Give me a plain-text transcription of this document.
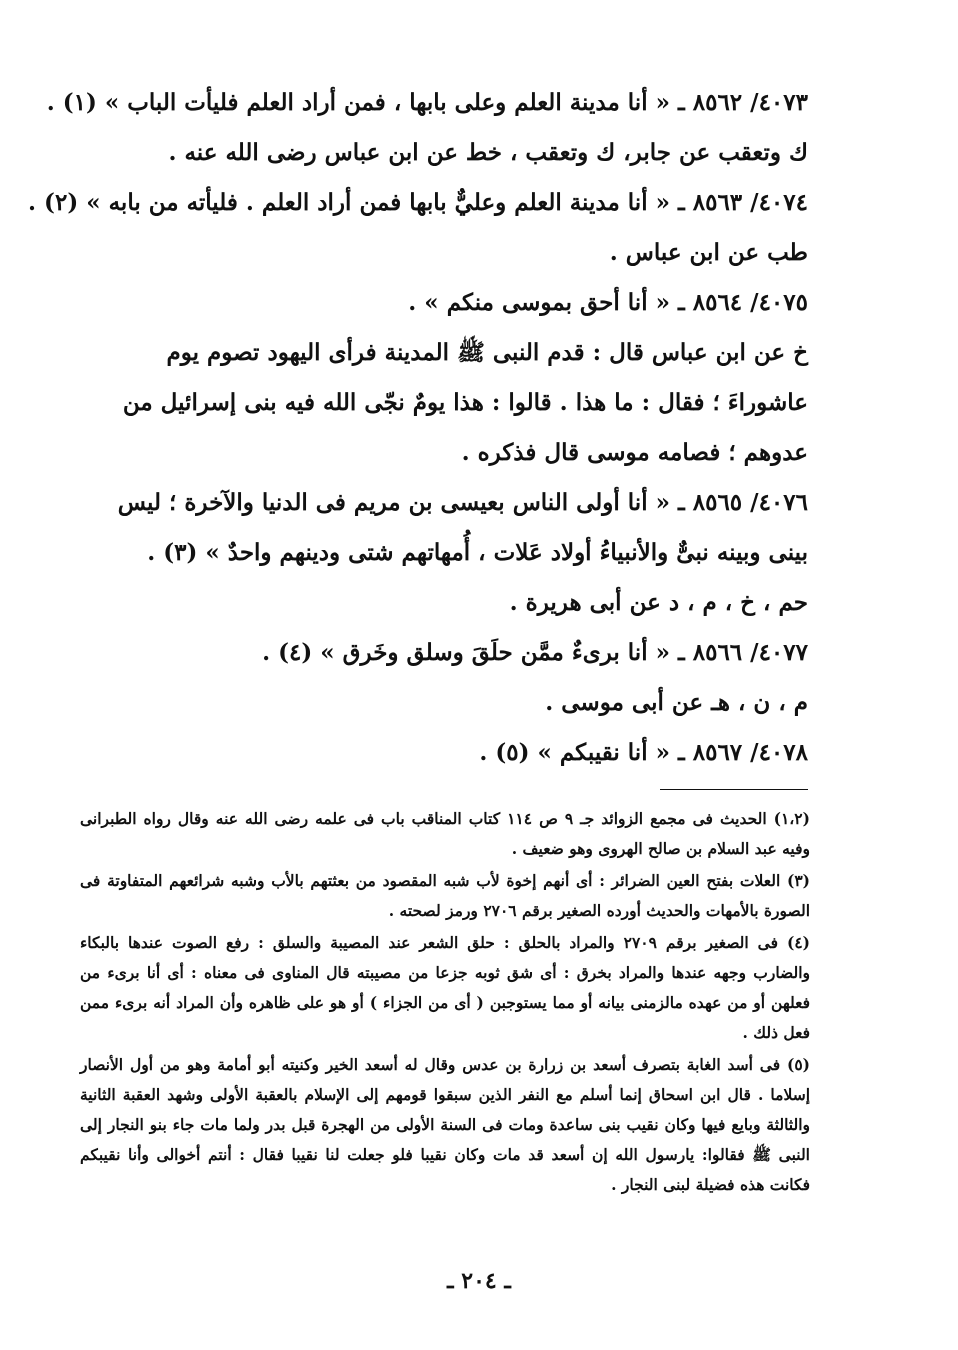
٤٠٧٣/ ٨٥٦٢ ـ « أنا مدينة العلم وعلى بابها ، فمن أراد العلم فليأت الباب » (١) .
ك وتعقب عن جابر، ك وتعقب ، خط عن ابن عباس رضى الله عنه .
٤٠٧٤/ ٨٥٦٣ ـ « أنا مدينة العلم وعليٌّ بابها فمن أراد العلم . فليأته من بابه » (٢) .
طب عن ابن عباس .
٤٠٧٥/ ٨٥٦٤ ـ « أنا أحق بموسى منكم » .
خ عن ابن عباس قال : قدم النبى ﷺ المدينة فرأى اليهود تصوم يوم عاشوراءَ ؛ فقال : ما هذا . قالوا : هذا يومٌ نجّى الله فيه بنى إسرائيل من عدوهم ؛ فصامه موسى قال فذكره .
٤٠٧٦/ ٨٥٦٥ ـ « أنا أولى الناس بعيسى بن مريم فى الدنيا والآخرة ؛ ليس بينى وبينه نبىٌّ والأنبياءُ أولاد عَلات ، أُمهاتهم شتى ودينهم واحدٌ » (٣) .
حم ، خ ، م ، د عن أبى هريرة .
٤٠٧٧/ ٨٥٦٦ ـ « أنا برىءٌ ممَّن حلَقَ وسلق وخَرق » (٤) .
م ، ن ، هـ عن أبى موسى .
٤٠٧٨/ ٨٥٦٧ ـ « أنا نقيبكم » (٥) .
(١،٢) الحديث فى مجمع الزوائد جـ ٩ ص ١١٤ كتاب المناقب باب فى علمه رضى الله عنه وقال رواه الطبرانى وفيه عبد السلام بن صالح الهروى وهو ضعيف .
(٣) العلات بفتح العين الضرائر : أى أنهم إخوة لأب شبه المقصود من بعثتهم بالأب وشبه شرائعهم المتفاوتة فى الصورة بالأمهات والحديث أورده الصغير برقم ٢٧٠٦ ورمز لصحته .
(٤) فى الصغير برقم ٢٧٠٩ والمراد بالحلق : حلق الشعر عند المصيبة والسلق : رفع الصوت عندها بالبكاء والضارب وجهه عندها والمراد بخرق : أى شق ثوبه جزعا من مصيبته قال المناوى فى معناه : أى أنا برىء من فعلهن أو من عهده مالزمنى بيانه أو مما يستوجبن ( أى من الجزاء ) أو هو على ظاهره وأن المراد أنه برىء ممن فعل ذلك .
(٥) فى أسد الغابة بتصرف أسعد بن زرارة بن عدس وقال له أسعد الخير وكنيته أبو أمامة وهو من أول الأنصار إسلاما . قال ابن اسحاق إنما أسلم مع النفر الذين سبقوا قومهم إلى الإسلام بالعقبة الأولى وشهد العقبة الثانية والثالثة وبايع فيها وكان نقيب بنى ساعدة ومات فى السنة الأولى من الهجرة قبل بدر ولما مات جاء بنو النجار إلى النبى ﷺ فقالوا: يارسول الله إن أسعد قد مات وكان نقيبا فلو جعلت لنا نقيبا فقال : أنتم أخوالى وأنا نقيبكم فكانت هذه فضيلة لبنى النجار .
ـ ٢٠٤ ـ
